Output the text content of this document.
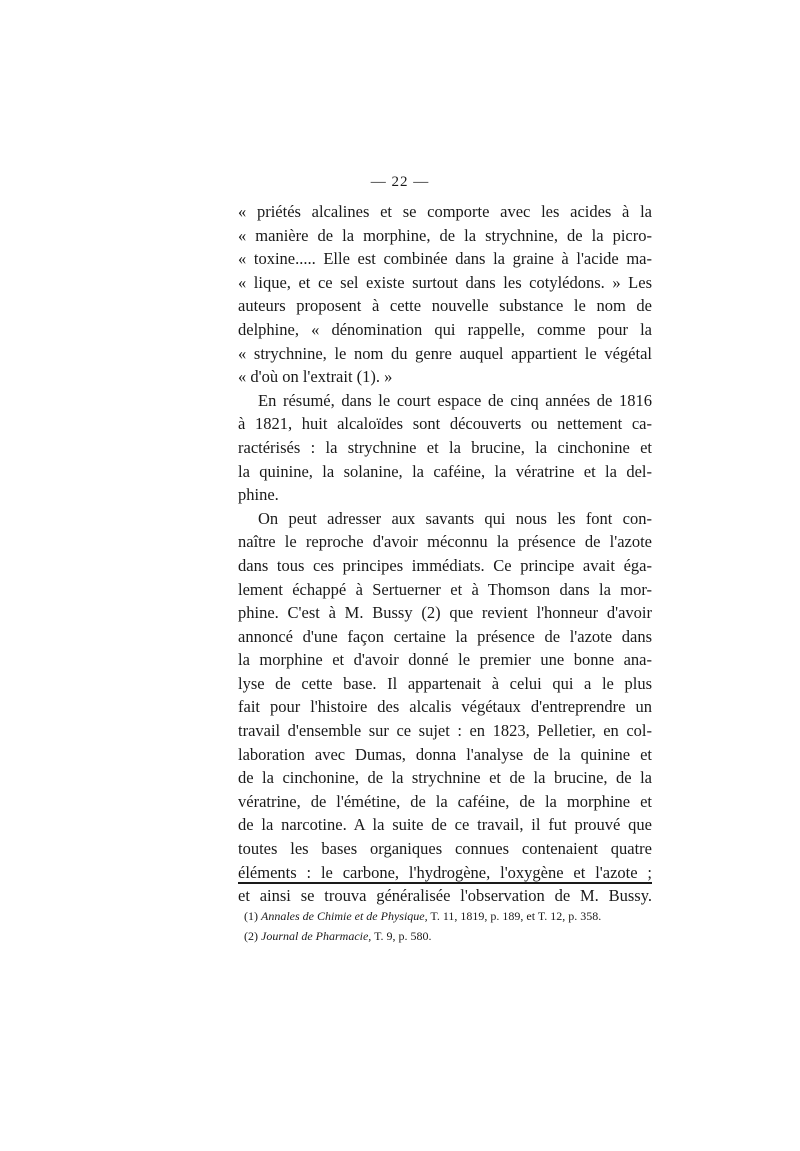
— 22 —
« priétés alcalines et se comporte avec les acides à la
« manière de la morphine, de la strychnine, de la picro-
« toxine..... Elle est combinée dans la graine à l'acide ma-
« lique, et ce sel existe surtout dans les cotylédons. » Les
auteurs proposent à cette nouvelle substance le nom de
delphine, « dénomination qui rappelle, comme pour la
« strychnine, le nom du genre auquel appartient le végétal
« d'où on l'extrait (1). »
En résumé, dans le court espace de cinq années de 1816
à 1821, huit alcaloïdes sont découverts ou nettement ca-
ractérisés : la strychnine et la brucine, la cinchonine et
la quinine, la solanine, la caféine, la vératrine et la del-
phine.
On peut adresser aux savants qui nous les font con-
naître le reproche d'avoir méconnu la présence de l'azote
dans tous ces principes immédiats. Ce principe avait éga-
lement échappé à Sertuerner et à Thomson dans la mor-
phine. C'est à M. Bussy (2) que revient l'honneur d'avoir
annoncé d'une façon certaine la présence de l'azote dans
la morphine et d'avoir donné le premier une bonne ana-
lyse de cette base. Il appartenait à celui qui a le plus
fait pour l'histoire des alcalis végétaux d'entreprendre un
travail d'ensemble sur ce sujet : en 1823, Pelletier, en col-
laboration avec Dumas, donna l'analyse de la quinine et
de la cinchonine, de la strychnine et de la brucine, de la
vératrine, de l'émétine, de la caféine, de la morphine et
de la narcotine. A la suite de ce travail, il fut prouvé que
toutes les bases organiques connues contenaient quatre
éléments : le carbone, l'hydrogène, l'oxygène et l'azote ;
et ainsi se trouva généralisée l'observation de M. Bussy.
(1) Annales de Chimie et de Physique, T. 11, 1819, p. 189, et T. 12, p. 358.
(2) Journal de Pharmacie, T. 9, p. 580.
